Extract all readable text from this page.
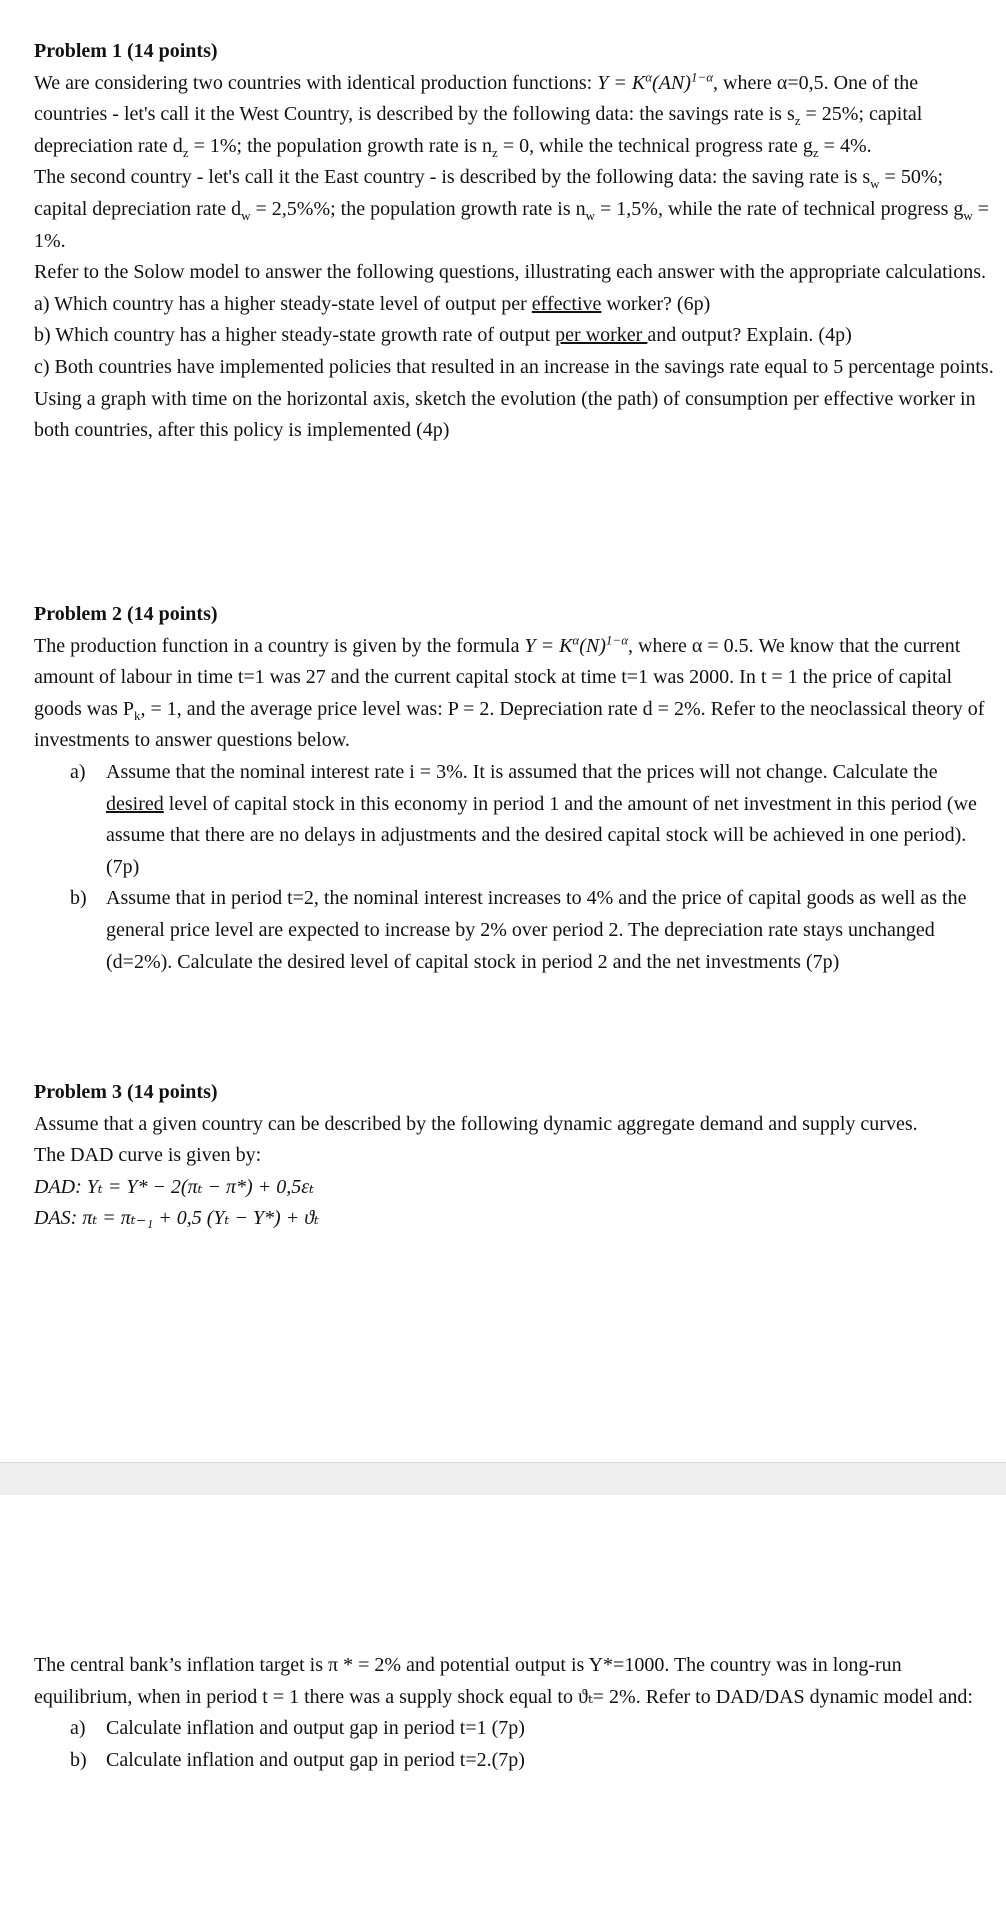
Problem 1 (14 points)

We are considering two countries with identical production functions: $Y = K^\alpha(AN)^{1-\alpha}$, where α=0,5. One of the countries - let's call it the West Country, is described by the following data: the savings rate is $s_z = 25\%$; capital depreciation rate $d_z = 1\%$; the population growth rate is $n_z = 0$, while the technical progress rate $g_z = 4\%$.

The second country - let's call it the East country - is described by the following data: the saving rate is $s_w = 50\%$; capital depreciation rate $d_w = 2,5\%\%$; the population growth rate is $n_w = 1,5\%$, while the rate of technical progress $g_w = 1\%$.

Refer to the Solow model to answer the following questions, illustrating each answer with the appropriate calculations.

a) Which country has a higher steady-state level of output per effective worker? (6p)

b) Which country has a higher steady-state growth rate of output per worker and output? Explain. (4p)

c) Both countries have implemented policies that resulted in an increase in the savings rate equal to 5 percentage points. Using a graph with time on the horizontal axis, sketch the evolution (the path) of consumption per effective worker in both countries, after this policy is implemented (4p)

Problem 2 (14 points)

The production function in a country is given by the formula $Y = K^\alpha(N)^{1-\alpha}$, where α = 0.5. We know that the current amount of labour in time t=1 was 27 and the current capital stock at time t=1 was 2000. In t = 1 the price of capital goods was $P_k$, = 1, and the average price level was: P = 2. Depreciation rate d = 2%. Refer to the neoclassical theory of investments to answer questions below.

a) Assume that the nominal interest rate i = 3%. It is assumed that the prices will not change. Calculate the desired level of capital stock in this economy in period 1 and the amount of net investment in this period (we assume that there are no delays in adjustments and the desired capital stock will be achieved in one period). (7p)

b) Assume that in period t=2, the nominal interest increases to 4% and the price of capital goods as well as the general price level are expected to increase by 2% over period 2. The depreciation rate stays unchanged (d=2%). Calculate the desired level of capital stock in period 2 and the net investments (7p)

Problem 3 (14 points)

Assume that a given country can be described by the following dynamic aggregate demand and supply curves.

The DAD curve is given by:

DAD: Yₜ = Y* − 2(πₜ − π*) + 0,5εₜ

DAS: πₜ = πₜ₋₁ + 0,5 (Yₜ − Y*) + ϑₜ

The central bank’s inflation target is π * = 2% and potential output is Y*=1000. The country was in long-run equilibrium, when in period t = 1 there was a supply shock equal to ϑₜ= 2%. Refer to DAD/DAS dynamic model and:

a) Calculate inflation and output gap in period t=1 (7p)

b) Calculate inflation and output gap in period t=2.(7p)
